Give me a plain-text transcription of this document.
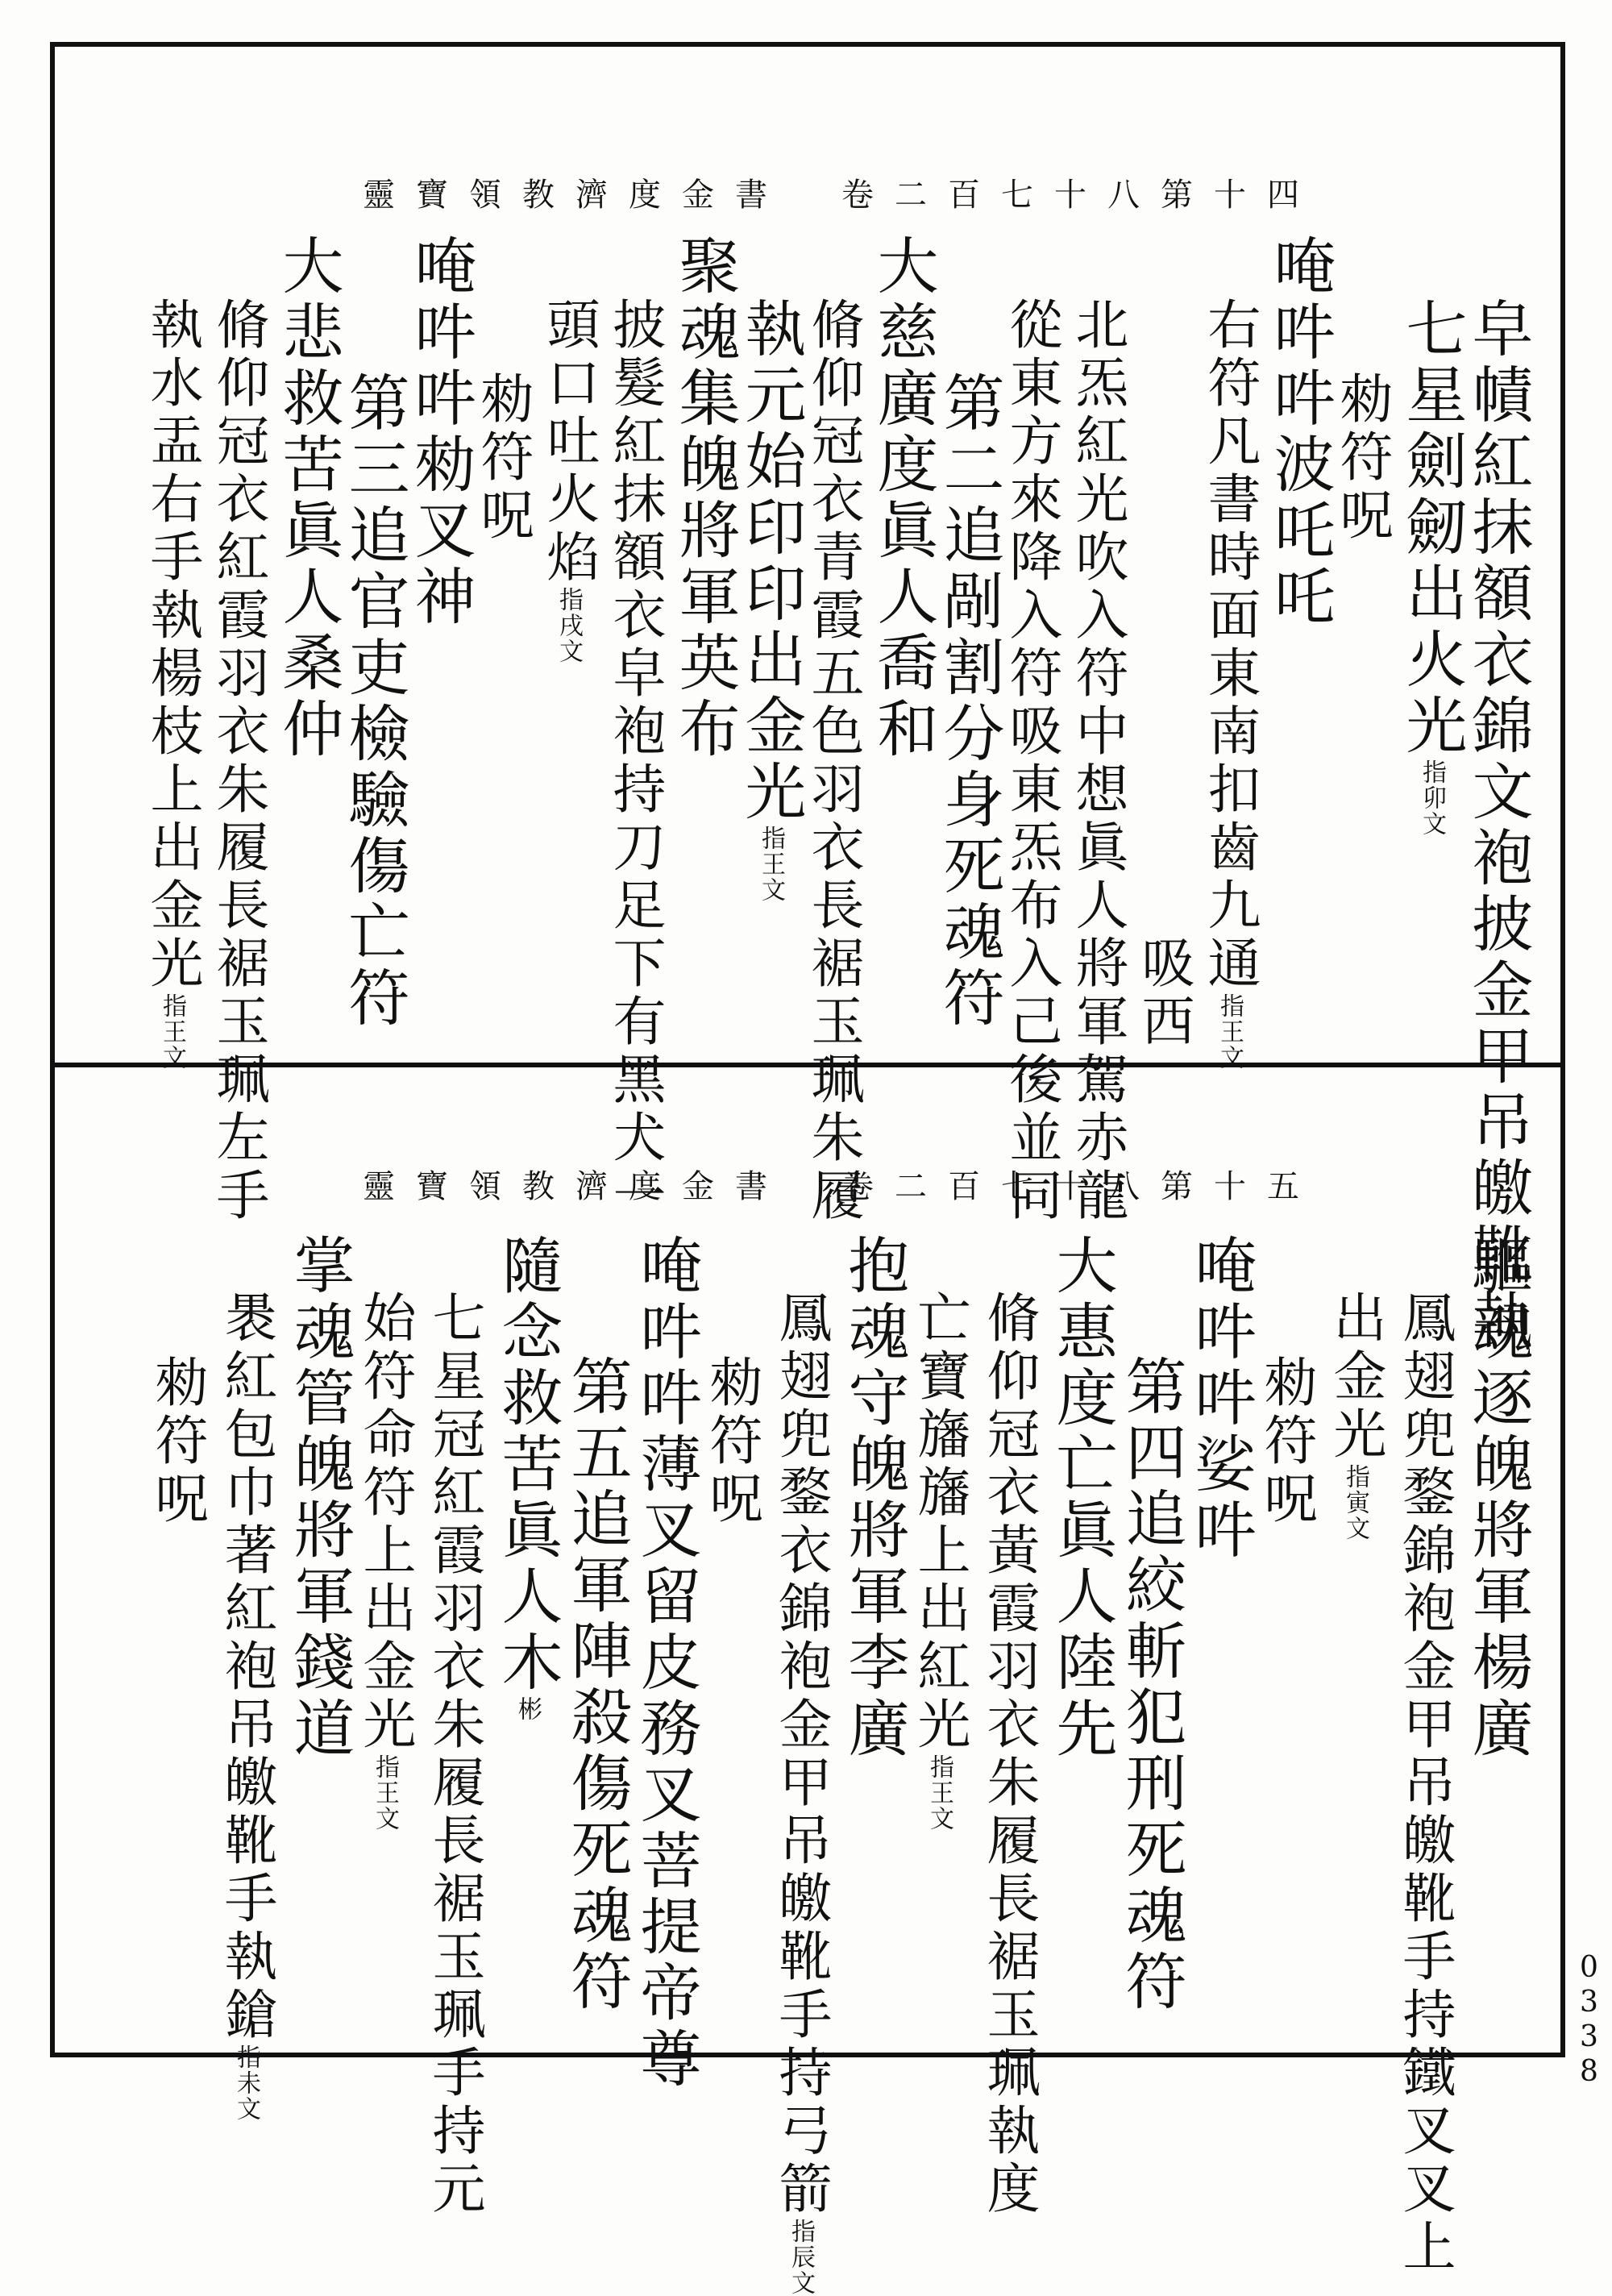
靈寶領教濟度金書　卷二百七十八第十四
靈寶領教濟度金書　卷二百七十八第十五 皁幘紅抹額衣錦文袍披金甲吊皦靴執
七星劍劒出火光指卯文
勑符呪
唵吽吽波吒吒
右符凡書時面東南扣齒九通指王文
吸西
北炁紅光吹入符中想眞人將軍駕赤龍
從東方來降入符吸東炁布入己後並同
第二追剮割分身死魂符
大慈廣度眞人喬和
脩仰冠衣青霞五色羽衣長裾玉珮朱履
執元始印印出金光指王文
聚魂集魄將軍英布
披髮紅抹額衣皁袍持刀足下有黑犬一
頭口吐火焰指戌文
勑符呪
唵吽吽勑叉神
第三追官吏檢驗傷亡符
大悲救苦眞人桑仲
脩仰冠衣紅霞羽衣朱履長裾玉珮左手
執水盂右手執楊枝上出金光指王文
驅魂逐魄將軍楊廣
鳳翅兜鍪錦袍金甲吊皦靴手持鐵叉叉上
出金光指寅文
勑符呪
唵吽吽娑吽
第四追絞斬犯刑死魂符
大惠度亡眞人陸先
脩仰冠衣黃霞羽衣朱履長裾玉珮執度
亡寶旛旛上出紅光指王文
抱魂守魄將軍李廣
鳳翅兜鍪衣錦袍金甲吊皦靴手持弓箭指辰文
勑符呪
唵吽吽薄叉留皮務叉菩提帝尊
第五追軍陣殺傷死魂符
隨念救苦眞人木彬
七星冠紅霞羽衣朱履長裾玉珮手持元
始符命符上出金光指王文
掌魂管魄將軍錢道
褁紅包巾著紅袍吊皦靴手執鎗指未文
勑符呪
0338
